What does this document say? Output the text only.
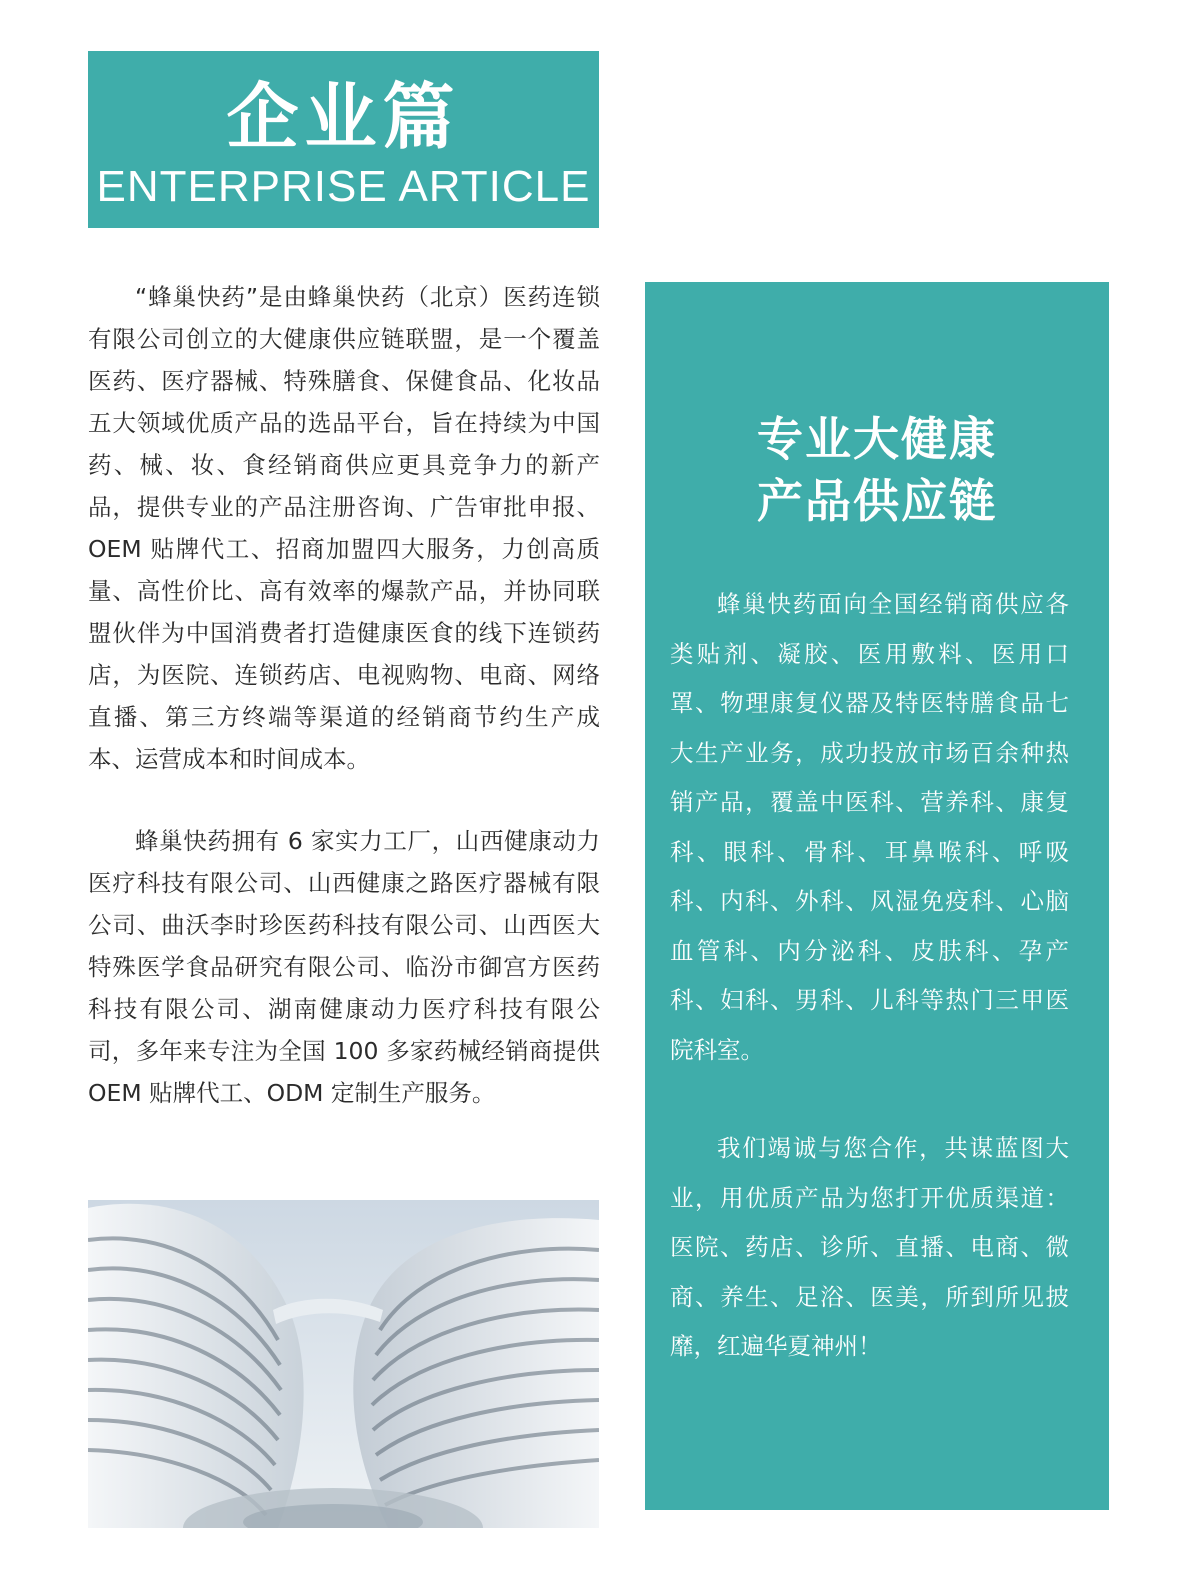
企业篇
ENTERPRISE ARTICLE

“蜂巢快药”是由蜂巢快药（北京）医药连锁有限公司创立的大健康供应链联盟，是一个覆盖医药、医疗器械、特殊膳食、保健食品、化妆品五大领域优质产品的选品平台，旨在持续为中国药、械、妆、食经销商供应更具竞争力的新产品，提供专业的产品注册咨询、广告审批申报、OEM 贴牌代工、招商加盟四大服务，力创高质量、高性价比、高有效率的爆款产品，并协同联盟伙伴为中国消费者打造健康医食的线下连锁药店，为医院、连锁药店、电视购物、电商、网络直播、第三方终端等渠道的经销商节约生产成本、运营成本和时间成本。

蜂巢快药拥有 6 家实力工厂，山西健康动力医疗科技有限公司、山西健康之路医疗器械有限公司、曲沃李时珍医药科技有限公司、山西医大特殊医学食品研究有限公司、临汾市御宫方医药科技有限公司、湖南健康动力医疗科技有限公司，多年来专注为全国 100 多家药械经销商提供 OEM 贴牌代工、ODM 定制生产服务。

专业大健康
产品供应链

蜂巢快药面向全国经销商供应各类贴剂、凝胶、医用敷料、医用口罩、物理康复仪器及特医特膳食品七大生产业务，成功投放市场百余种热销产品，覆盖中医科、营养科、康复科、眼科、骨科、耳鼻喉科、呼吸科、内科、外科、风湿免疫科、心脑血管科、内分泌科、皮肤科、孕产科、妇科、男科、儿科等热门三甲医院科室。

我们竭诚与您合作，共谋蓝图大业，用优质产品为您打开优质渠道：医院、药店、诊所、直播、电商、微商、养生、足浴、医美，所到所见披靡，红遍华夏神州！
